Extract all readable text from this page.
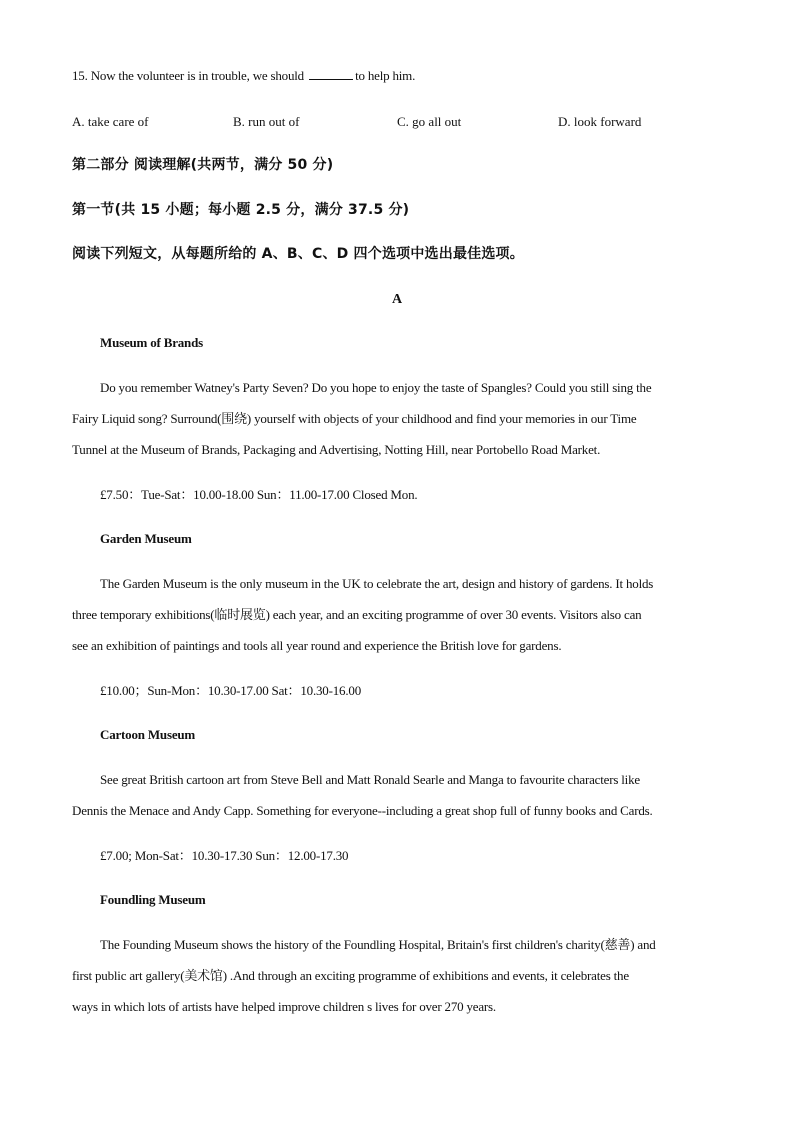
15. Now the volunteer is in trouble, we should	to help him.
A. take care of	B. run out of	C. go all out	D. look forward
第二部分 阅读理解(共两节，满分 50 分)
第一节(共 15 小题；每小题 2.5 分，满分 37.5 分)
阅读下列短文，从每题所给的 A、B、C、D 四个选项中选出最佳选项。
A
Museum of Brands
Do you remember Watney's Party Seven? Do you hope to enjoy the taste of Spangles? Could you still sing the
Fairy Liquid song? Surround(围绕) yourself with objects of your childhood and find your memories in our Time
Tunnel at the Museum of Brands, Packaging and Advertising, Notting Hill, near Portobello Road Market.
£7.50：Tue-Sat：10.00-18.00 Sun：11.00-17.00 Closed Mon.
Garden Museum
The Garden Museum is the only museum in the UK to celebrate the art, design and history of gardens. It holds
three temporary exhibitions(临时展览) each year, and an exciting programme of over 30 events. Visitors also can
see an exhibition of paintings and tools all year round and experience the British love for gardens.
£10.00；Sun-Mon：10.30-17.00 Sat：10.30-16.00
Cartoon Museum
See great British cartoon art from Steve Bell and Matt Ronald Searle and Manga to favourite characters like
Dennis the Menace and Andy Capp. Something for everyone--including a great shop full of funny books and Cards.
£7.00; Mon-Sat：10.30-17.30 Sun：12.00-17.30
Foundling Museum
The Founding Museum shows the history of the Foundling Hospital, Britain's first children's charity(慈善) and
first public art gallery(美术馆) .And through an exciting programme of exhibitions and events, it celebrates the
ways in which lots of artists have helped improve children s lives for over 270 years.
